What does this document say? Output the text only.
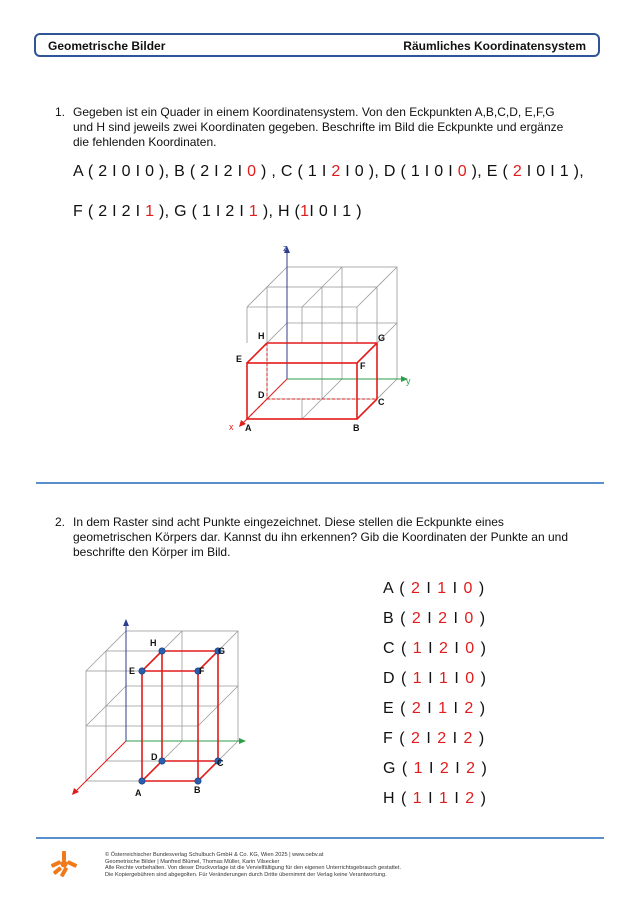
Geometrische Bilder	Räumliches Koordinatensystem
1. Gegeben ist ein Quader in einem Koordinatensystem. Von den Eckpunkten A,B,C,D, E,F,G
und H sind jeweils zwei Koordinaten gegeben. Beschrifte im Bild die Eckpunkte und ergänze
die fehlenden Koordinaten.
A ( 2 I 0 I 0 ), B ( 2 I 2 I 0 ) , C ( 1 I 2 I 0 ), D ( 1 I 0 I 0 ), E ( 2 I 0 I 1 ),
F ( 2 I 2 I 1 ), G ( 1 I 2 I 1 ), H (1I 0 I 1 )
z
y
x A	B
C
D
E
F
G
H
2. In dem Raster sind acht Punkte eingezeichnet. Diese stellen die Eckpunkte eines
geometrischen Körpers dar. Kannst du ihn erkennen? Gib die Koordinaten der Punkte an und
beschrifte den Körper im Bild.
A ( 2 I 1 I 0 )
B ( 2 I 2 I 0 )
C ( 1 I 2 I 0 )
D ( 1 I 1 I 0 )
E ( 2 I 1 I 2 )
F ( 2 I 2 I 2 )
G ( 1 I 2 I 2 )
H ( 1 I 1 I 2 )
A	B
C
D
E	F
G
H
© Österreichischer Bundesverlag Schulbuch GmbH & Co. KG, Wien 2025 | www.oebv.at
Geometrische Bilder | Manfred Blümel, Thomas Müller, Karin Vilsecker
Alle Rechte vorbehalten. Von dieser Druckvorlage ist die Vervielfältigung für den eigenen Unterrichtsgebrauch gestattet.
Die Kopiergebühren sind abgegolten. Für Veränderungen durch Dritte übernimmt der Verlag keine Verantwortung.
